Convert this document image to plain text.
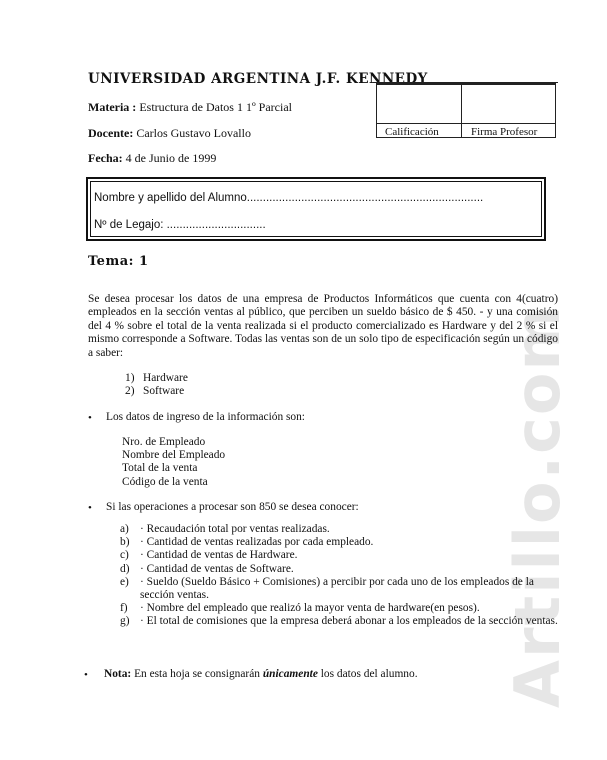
Artillo.com
UNIVERSIDAD ARGENTINA J.F. KENNEDY
Calificación	Firma Profesor
Materia : Estructura de Datos 1 1º Parcial
Docente: Carlos Gustavo Lovallo
Fecha: 4 de Junio de 1999
Nombre y apellido del Alumno..........................................................................
Nº de Legajo: ...............................
Tema: 1
Se desea procesar los datos de una empresa de Productos Informáticos que cuenta con 4(cuatro) empleados en la sección ventas al público, que perciben un sueldo básico de $ 450. - y una comisión del 4 % sobre el total de la venta realizada si el producto comercializado es Hardware y del 2 % si el mismo corresponde a Software. Todas las ventas son de un solo tipo de especificación según un código a saber:
1) Hardware
2) Software
• Los datos de ingreso de la información son:
Nro. de Empleado
Nombre del Empleado
Total de la venta
Código de la venta
• Si las operaciones a procesar son 850 se desea conocer:
a) · Recaudación total por ventas realizadas.
b) · Cantidad de ventas realizadas por cada empleado.
c) · Cantidad de ventas de Hardware.
d) · Cantidad de ventas de Software.
e) · Sueldo (Sueldo Básico + Comisiones) a percibir por cada uno de los empleados de la sección ventas.
f)	· Nombre del empleado que realizó la mayor venta de hardware(en pesos).
g) · El total de comisiones que la empresa deberá abonar a los empleados de la sección ventas.
• Nota: En esta hoja se consignarán únicamente los datos del alumno.
